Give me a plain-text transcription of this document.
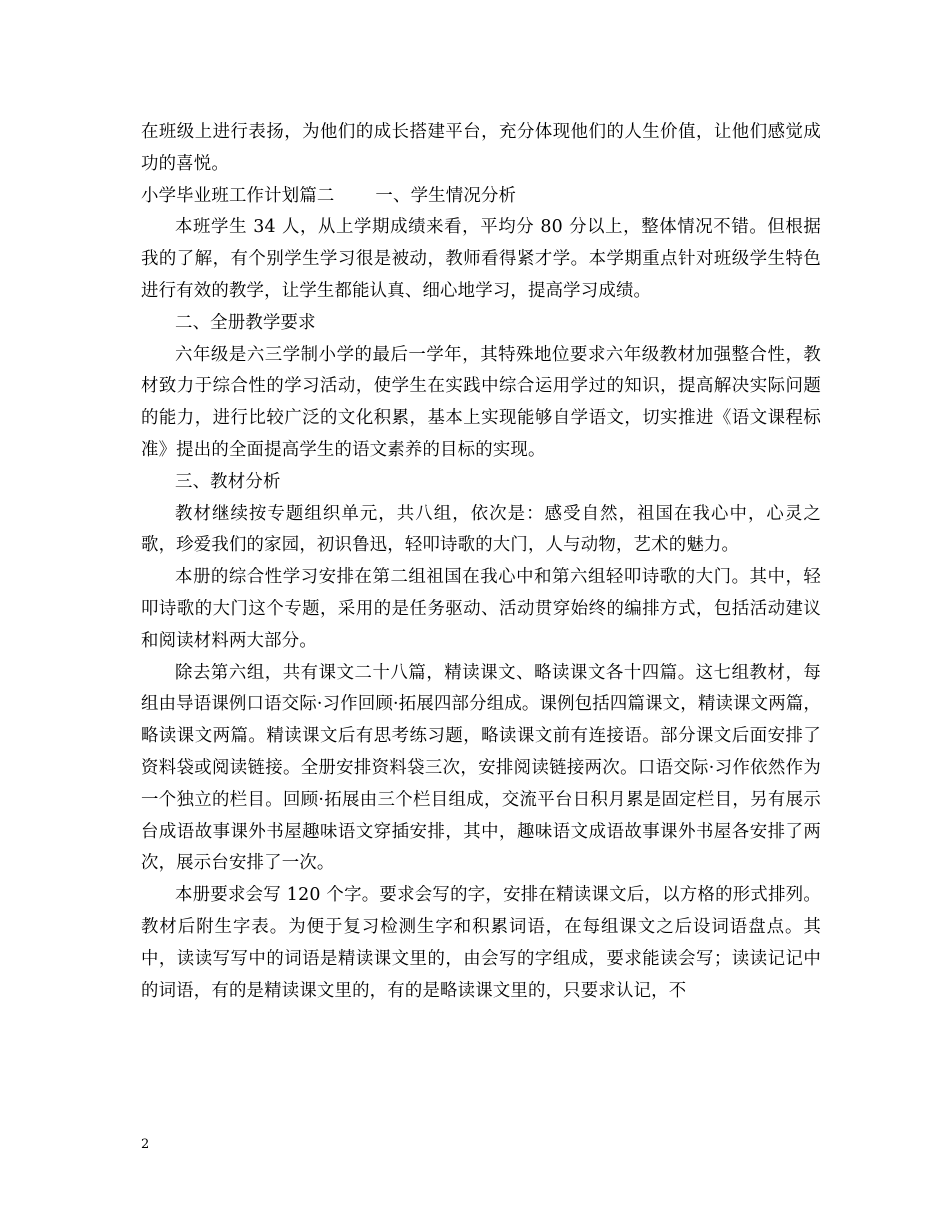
在班级上进行表扬，为他们的成长搭建平台，充分体现他们的人生价值，让他们感觉成功的喜悦。

小学毕业班工作计划篇二　　 一、学生情况分析

本班学生 34 人，从上学期成绩来看，平均分 80 分以上，整体情况不错。但根据我的了解，有个别学生学习很是被动，教师看得紧才学。本学期重点针对班级学生特色进行有效的教学，让学生都能认真、细心地学习，提高学习成绩。

二、全册教学要求

六年级是六三学制小学的最后一学年，其特殊地位要求六年级教材加强整合性，教材致力于综合性的学习活动，使学生在实践中综合运用学过的知识，提高解决实际问题的能力，进行比较广泛的文化积累，基本上实现能够自学语文，切实推进《语文课程标准》提出的全面提高学生的语文素养的目标的实现。

三、教材分析

教材继续按专题组织单元，共八组，依次是：感受自然，祖国在我心中，心灵之歌，珍爱我们的家园，初识鲁迅，轻叩诗歌的大门，人与动物，艺术的魅力。

本册的综合性学习安排在第二组祖国在我心中和第六组轻叩诗歌的大门。其中，轻叩诗歌的大门这个专题，采用的是任务驱动、活动贯穿始终的编排方式，包括活动建议和阅读材料两大部分。

除去第六组，共有课文二十八篇，精读课文、略读课文各十四篇。这七组教材，每组由导语课例口语交际·习作回顾·拓展四部分组成。课例包括四篇课文，精读课文两篇，略读课文两篇。精读课文后有思考练习题，略读课文前有连接语。部分课文后面安排了资料袋或阅读链接。全册安排资料袋三次，安排阅读链接两次。口语交际·习作依然作为一个独立的栏目。回顾·拓展由三个栏目组成，交流平台日积月累是固定栏目，另有展示台成语故事课外书屋趣味语文穿插安排，其中，趣味语文成语故事课外书屋各安排了两次，展示台安排了一次。

本册要求会写 120 个字。要求会写的字，安排在精读课文后，以方格的形式排列。教材后附生字表。为便于复习检测生字和积累词语，在每组课文之后设词语盘点。其中，读读写写中的词语是精读课文里的，由会写的字组成，要求能读会写；读读记记中的词语，有的是精读课文里的，有的是略读课文里的，只要求认记，不

2
